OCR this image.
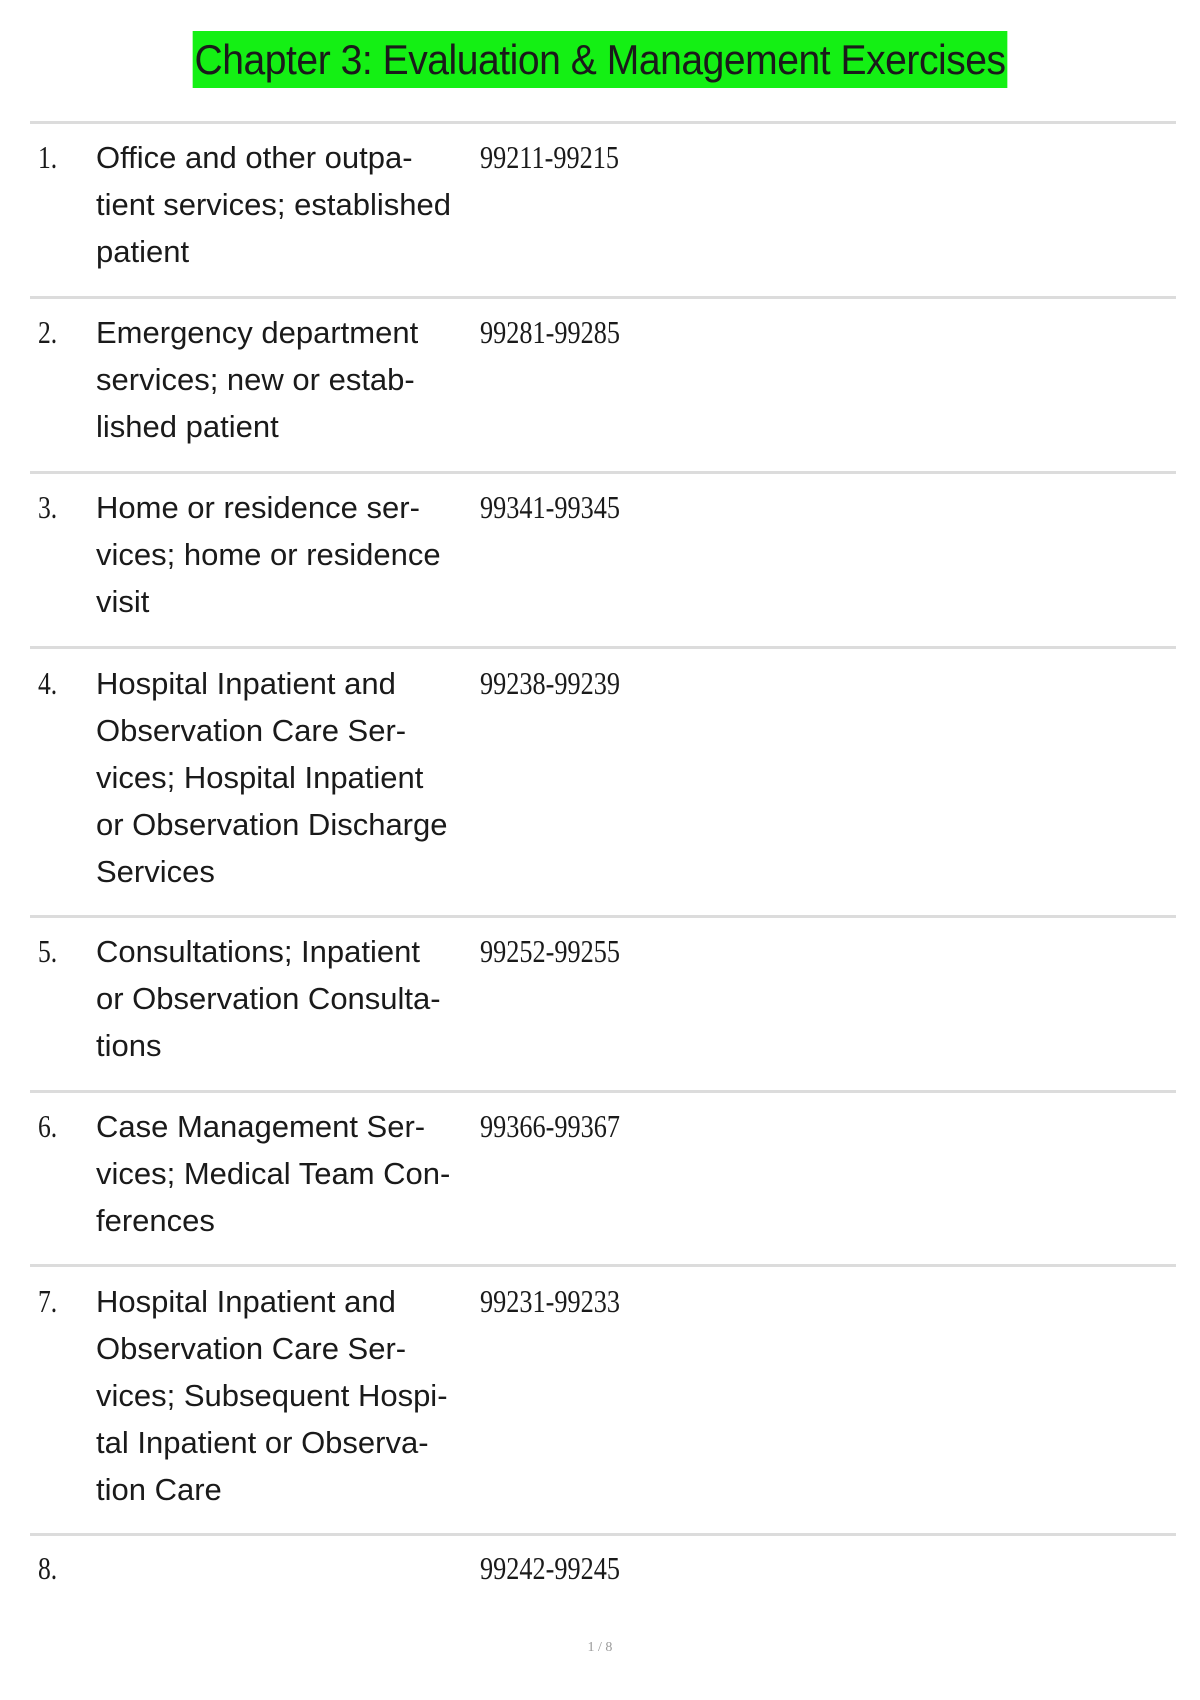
Chapter 3: Evaluation & Management Exercises
1. Office and other outpa-
tient services; established
patient
99211-99215
2. Emergency department
services; new or estab-
lished patient
99281-99285
3. Home or residence ser-
vices; home or residence
visit
99341-99345
4. Hospital Inpatient and
Observation Care Ser-
vices; Hospital Inpatient
or Observation Discharge
Services
99238-99239
5. Consultations; Inpatient
or Observation Consulta-
tions
99252-99255
6. Case Management Ser-
vices; Medical Team Con-
ferences
99366-99367
7. Hospital Inpatient and
Observation Care Ser-
vices; Subsequent Hospi-
tal Inpatient or Observa-
tion Care
99231-99233
8.	99242-99245
1 / 8
